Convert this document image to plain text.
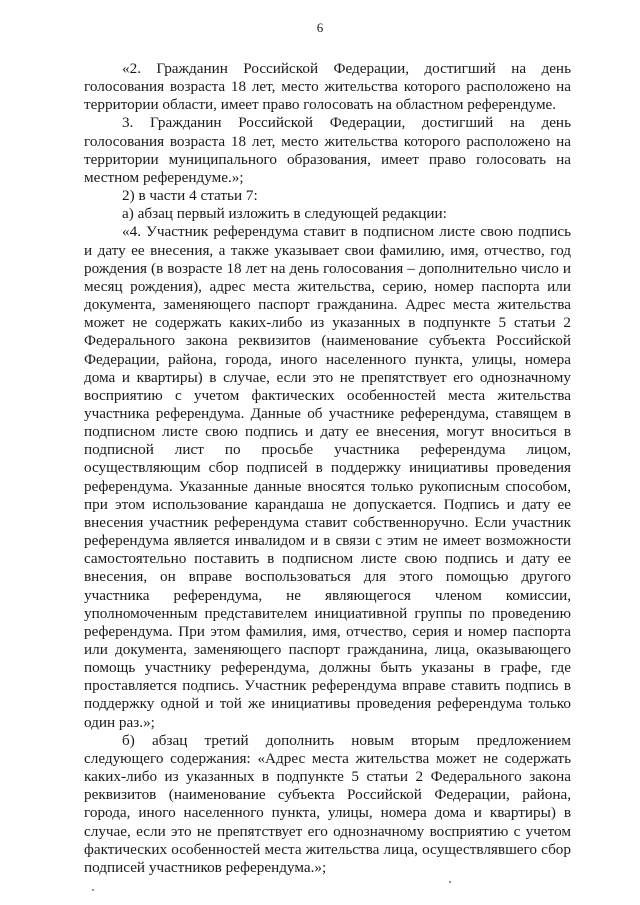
6

«2. Гражданин Российской Федерации, достигший на день голосования возраста 18 лет, место жительства которого расположено на территории области, имеет право голосовать на областном референдуме.

3. Гражданин Российской Федерации, достигший на день голосования возраста 18 лет, место жительства которого расположено на территории муниципального образования, имеет право голосовать на местном референдуме.»;

2) в части 4 статьи 7:

а) абзац первый изложить в следующей редакции:

«4. Участник референдума ставит в подписном листе свою подпись и дату ее внесения, а также указывает свои фамилию, имя, отчество, год рождения (в возрасте 18 лет на день голосования – дополнительно число и месяц рождения), адрес места жительства, серию, номер паспорта или документа, заменяющего паспорт гражданина. Адрес места жительства может не содержать каких-либо из указанных в подпункте 5 статьи 2 Федерального закона реквизитов (наименование субъекта Российской Федерации, района, города, иного населенного пункта, улицы, номера дома и квартиры) в случае, если это не препятствует его однозначному восприятию с учетом фактических особенностей места жительства участника референдума. Данные об участнике референдума, ставящем в подписном листе свою подпись и дату ее внесения, могут вноситься в подписной лист по просьбе участника референдума лицом, осуществляющим сбор подписей в поддержку инициативы проведения референдума. Указанные данные вносятся только рукописным способом, при этом использование карандаша не допускается. Подпись и дату ее внесения участник референдума ставит собственноручно. Если участник референдума является инвалидом и в связи с этим не имеет возможности самостоятельно поставить в подписном листе свою подпись и дату ее внесения, он вправе воспользоваться для этого помощью другого участника референдума, не являющегося членом комиссии, уполномоченным представителем инициативной группы по проведению референдума. При этом фамилия, имя, отчество, серия и номер паспорта или документа, заменяющего паспорт гражданина, лица, оказывающего помощь участнику референдума, должны быть указаны в графе, где проставляется подпись. Участник референдума вправе ставить подпись в поддержку одной и той же инициативы проведения референдума только один раз.»;

б) абзац третий дополнить новым вторым предложением следующего содержания: «Адрес места жительства может не содержать каких-либо из указанных в подпункте 5 статьи 2 Федерального закона реквизитов (наименование субъекта Российской Федерации, района, города, иного населенного пункта, улицы, номера дома и квартиры) в случае, если это не препятствует его однозначному восприятию с учетом фактических особенностей места жительства лица, осуществлявшего сбор подписей участников референдума.»;
